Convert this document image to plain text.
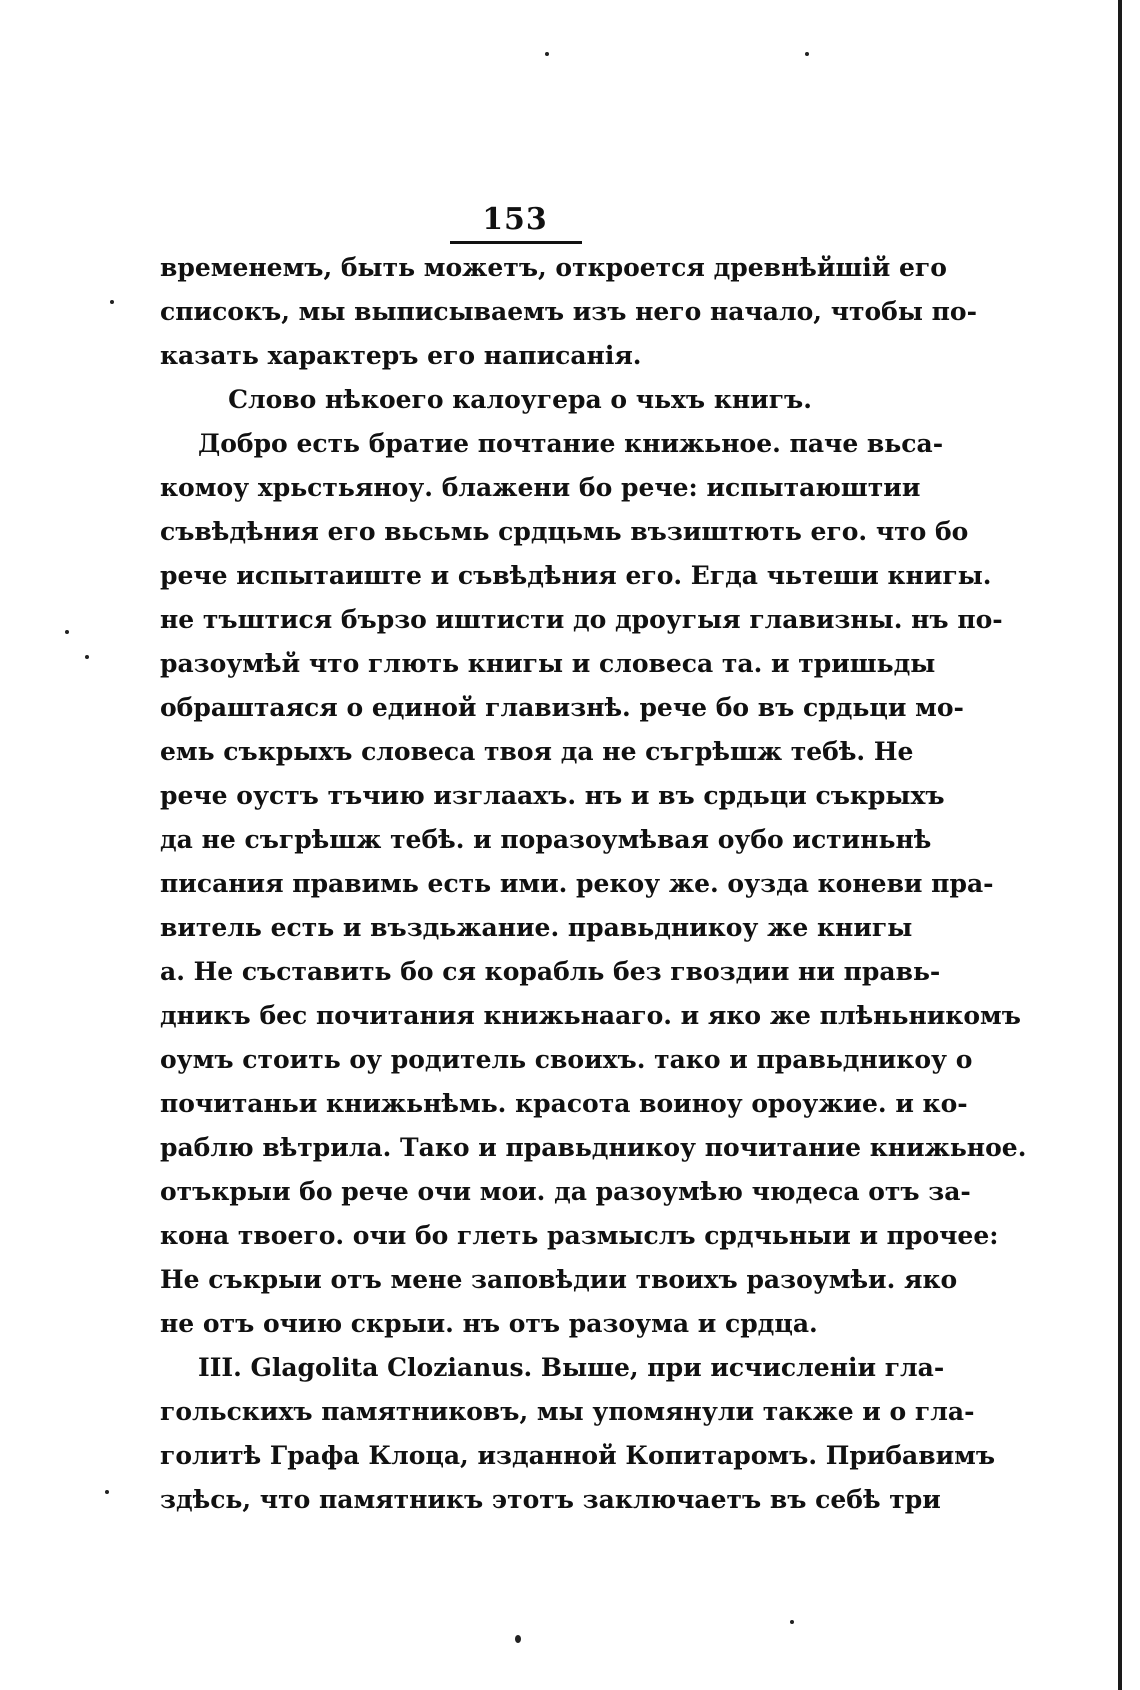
153
временемъ, быть можетъ, откроется древнѣйшій его
списокъ, мы выписываемъ изъ него начало, чтобы по-
казать характеръ его написанія.
Слово нѣкоего калоугера о чьхъ книгъ.
Добро есть братие почтание книжьное. паче вьса-
комоу хрьстьяноу. блажени бо рече: испытаюштии
съвѣдѣния его вьсьмь срдцьмь възиштють его. что бо
рече испытаиште и съвѣдѣния его. Егда чьтеши книгы.
не тъштися бързо иштисти до дроугыя главизны. нъ по-
разоумѣй что глють книгы и словеса та. и тришьды
обраштаяся о единой главизнѣ. рече бо въ срдьци мо-
емь съкрыхъ словеса твоя да не съгрѣшж тебѣ. Не
рече оустъ тъчию изглаахъ. нъ и въ срдьци съкрыхъ
да не съгрѣшж тебѣ. и поразоумѣвая оубо истиньнѣ
писания правимь есть ими. рекоу же. оузда коневи пра-
витель есть и въздьжание. правьдникоу же книгы
а. Не съставить бо ся корабль без гвоздии ни правь-
дникъ бес почитания книжьнааго. и яко же плѣньникомъ
оумъ стоить оу родитель своихъ. тако и правьдникоу о
почитаньи книжьнѣмь. красота воиноу ороужие. и ко-
раблю вѣтрила. Тако и правьдникоу почитание книжьное.
отъкрыи бо рече очи мои. да разоумѣю чюдеса отъ за-
кона твоего. очи бо глеть размыслъ срдчьныи и прочее:
Не съкрыи отъ мене заповѣдии твоихъ разоумѣи. яко
не отъ очию скрыи. нъ отъ разоума и срдца.
III. Glagolita Clozianus. Выше, при исчисленіи гла-
гольскихъ памятниковъ, мы упомянули также и о гла-
голитѣ Графа Клоца, изданной Копитаромъ. Прибавимъ
здѣсь, что памятникъ этотъ заключаетъ въ себѣ три
